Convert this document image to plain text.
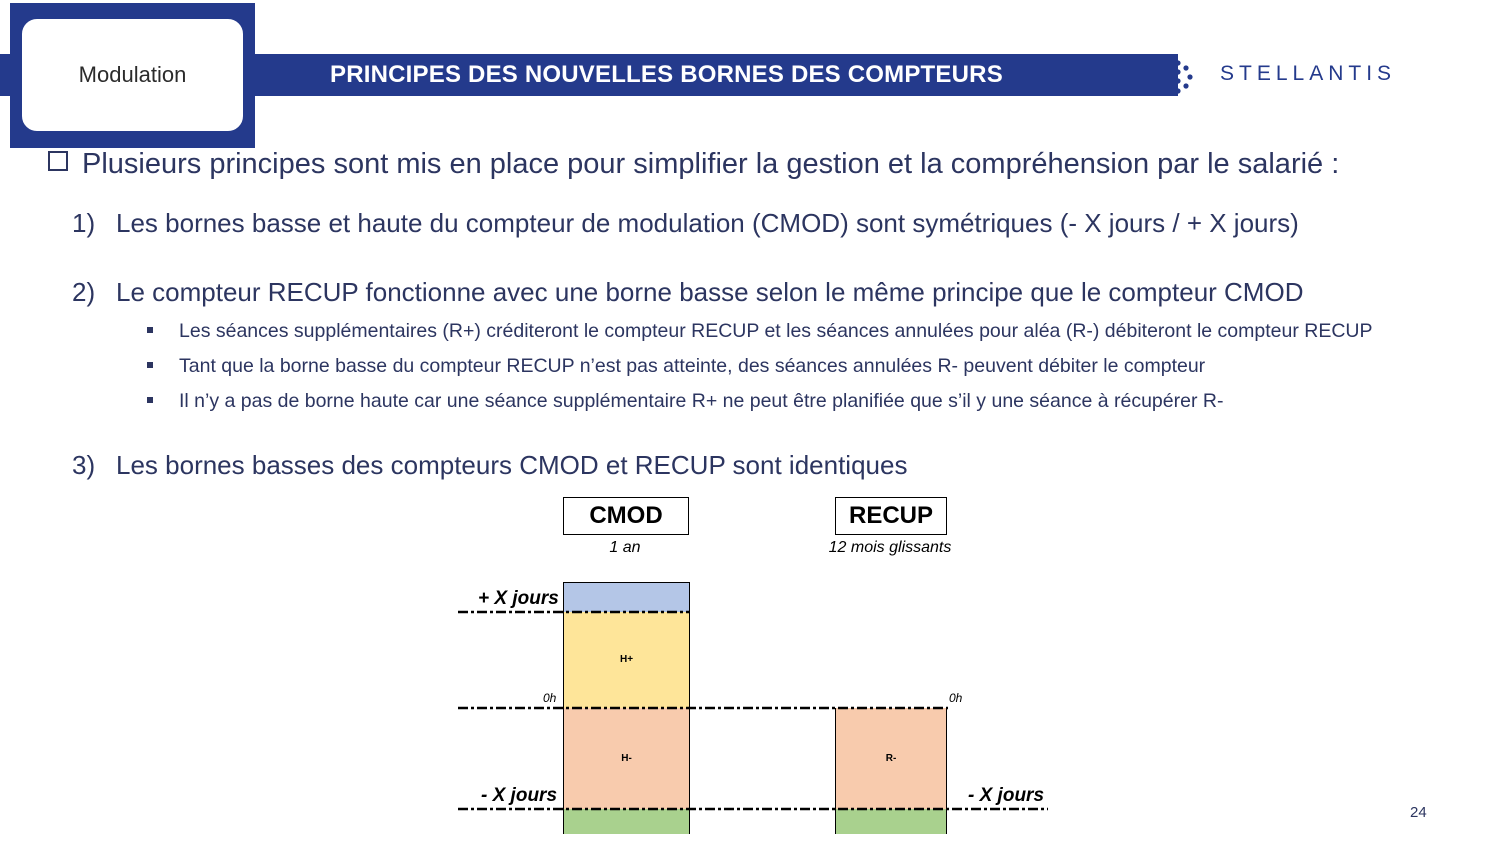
PRINCIPES DES NOUVELLES BORNES DES COMPTEURS
Modulation	STELLANTIS
Plusieurs principes sont mis en place pour simplifier la gestion et la compréhension par le salarié :
1) Les bornes basse et haute du compteur de modulation (CMOD) sont symétriques (- X jours / + X jours)
2) Le compteur RECUP fonctionne avec une borne basse selon le même principe que le compteur CMOD
Les séances supplémentaires (R+) créditeront le compteur RECUP et les séances annulées pour aléa (R-) débiteront le compteur RECUP
Tant que la borne basse du compteur RECUP n’est pas atteinte, des séances annulées R- peuvent débiter le compteur
Il n’y a pas de borne haute car une séance supplémentaire R+ ne peut être planifiée que s’il y une séance à récupérer R-
3) Les bornes basses des compteurs CMOD et RECUP sont identiques
CMOD
1 an
RECUP
12 mois glissants
H+
H-	R-
+ X jours
- X jours	- X jours
0h	0h
24
